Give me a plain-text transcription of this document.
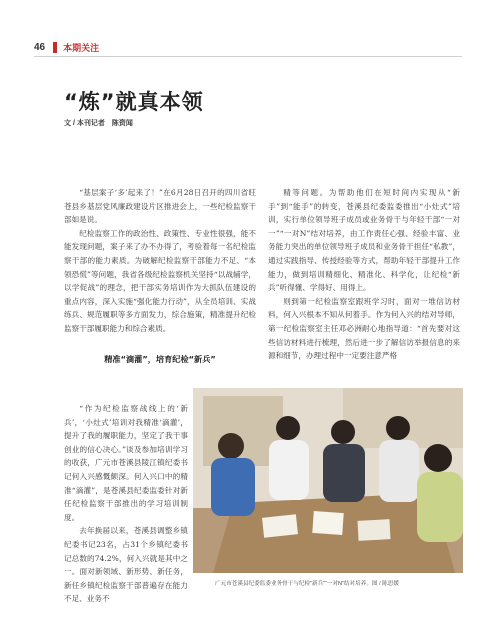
46 本期关注
“炼”就真本领
文 / 本刊记者　陈资闻

“基层案子‘多’起来了！”在6月28日召开的四川省旺苍县乡基层党风廉政建设片区推进会上，一些纪检监察干部如是说。

纪检监察工作的政治性、政策性、专业性很强，能不能发现问题，案子来了办不办得了，考验着每一名纪检监察干部的能力素质。为破解纪检监察干部能力不足、“本领恐慌”等问题，我省各级纪检监察机关坚持“以战辅学，以学促战”的理念，把干部实务培训作为大抓队伍建设的重点内容，深入实施“强化能力行动”，从全员培训、实战练兵、规范履职等多方面发力，综合施策，精准提升纪检监察干部履职能力和综合素质。

精准“滴灌”，培育纪检“新兵”

“作为纪检监察战线上的‘新兵’，‘小灶式’培训对我精准‘滴灌’，提升了我的履职能力，坚定了我干事创业的信心决心。”谈及参加培训学习的收获，广元市苍溪县陵江镇纪委书记何入兴感慨颇深。何入兴口中的精准“滴灌”，是苍溪县纪委监委针对新任纪检监察干部推出的学习培训制度。

去年换届以来，苍溪县调整乡镇纪委书记23名，占31个乡镇纪委书记总数的74.2%，何入兴就是其中之一。面对新领域、新形势、新任务，新任乡镇纪检监察干部普遍存在能力不足、业务不

精等问题。为帮助他们在短时间内实现从“新手”到“能手”的转变，苍溪县纪委监委推出“小灶式”培训，实行单位领导班子成员或业务骨干与年轻干部“一对一”“一对N”结对培养，由工作责任心强、经验丰富、业务能力突出的单位领导班子成员和业务骨干担任“私教”，通过实践指导、传授经验等方式，帮助年轻干部提升工作能力，做到培训精细化、精准化、科学化，让纪检“新兵”听得懂、学得好、用得上。

则到第一纪检监察室跟班学习时，面对一堆信访材料，何入兴根本不知从何着手。作为何入兴的结对导师，第一纪检监察室主任邓必洲耐心地指导道：“首先要对这些信访材料进行梳理，然后进一步了解信访举报信息的来源和细节，办理过程中一定要注意严格

广元市苍溪县纪委监委业务骨干与纪检“新兵”“一对N”结对培养。图 / 陈思媛
